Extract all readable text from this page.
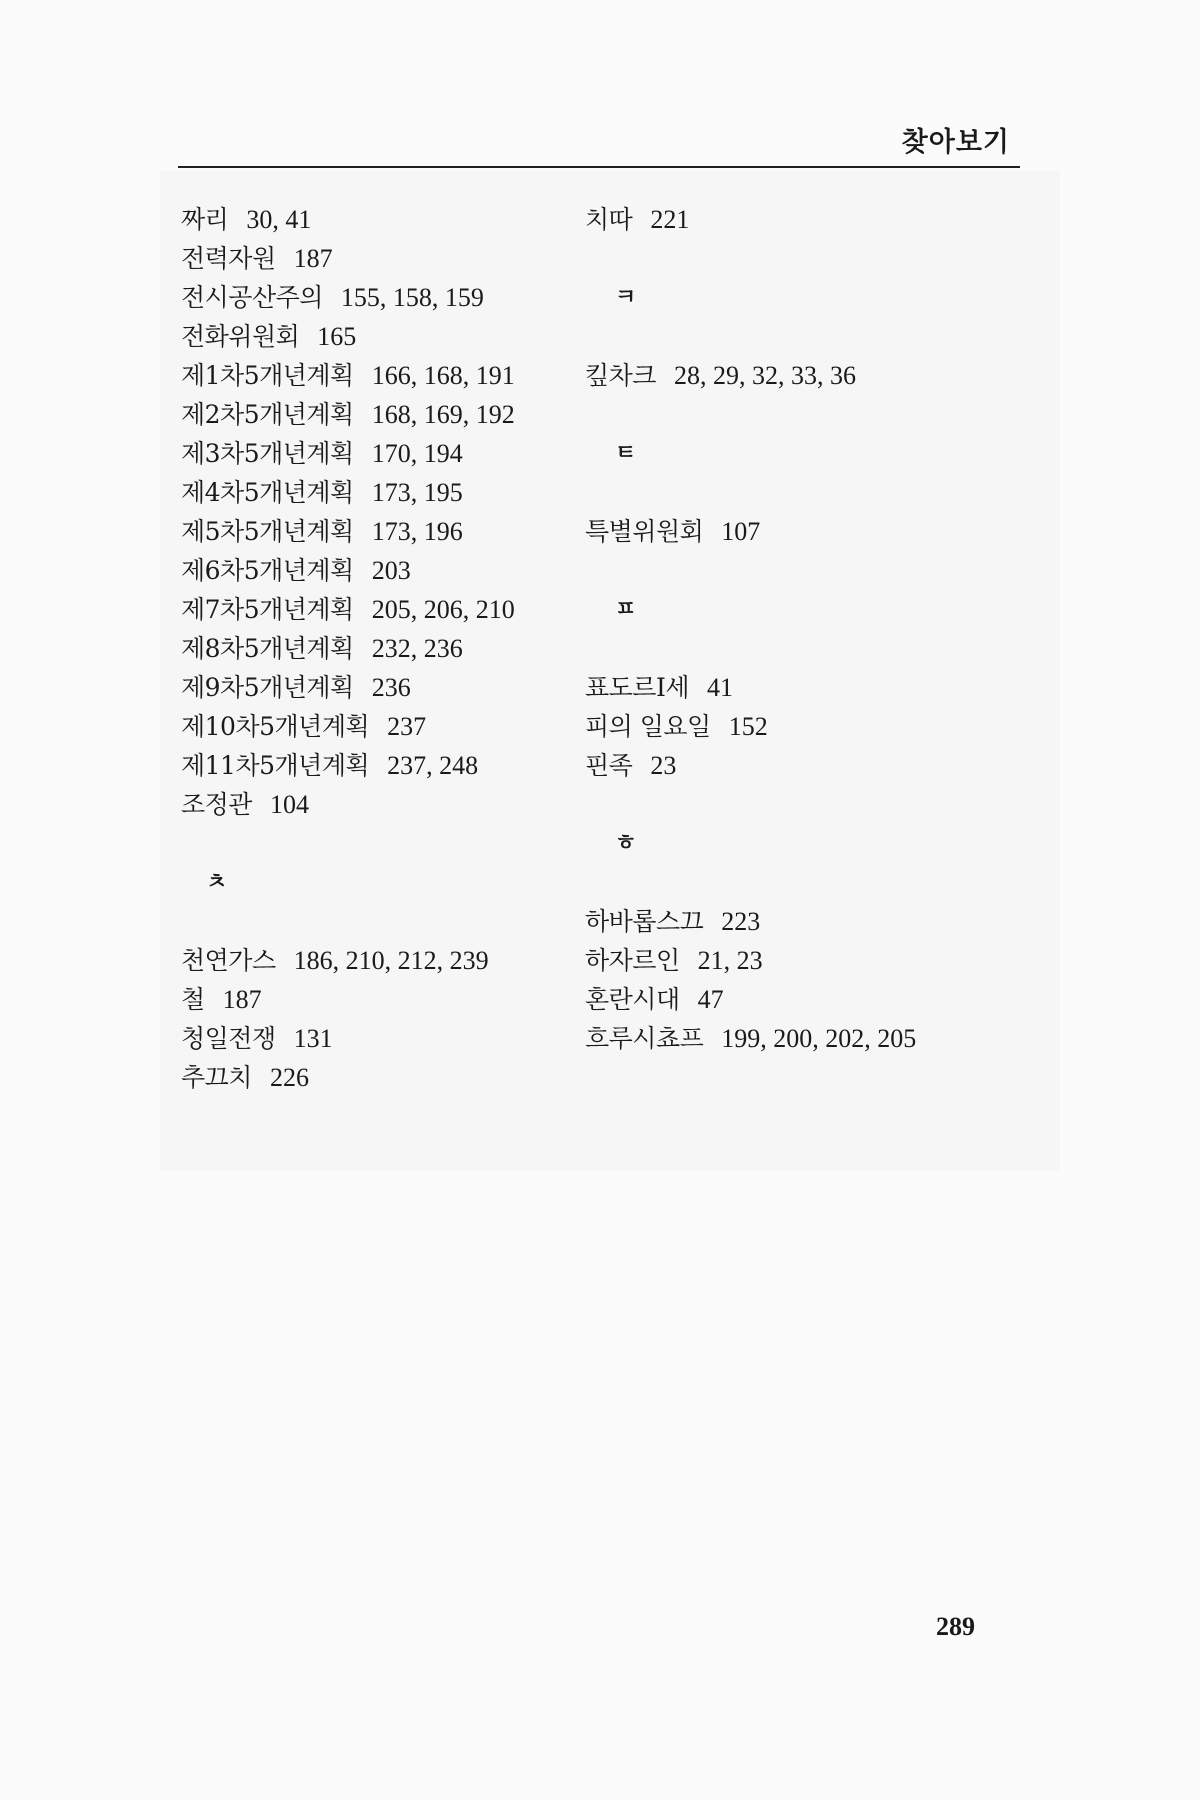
찾아보기
짜리 30, 41
전력자원 187
전시공산주의 155, 158, 159
전화위원회 165
제1차5개년계획 166, 168, 191
제2차5개년계획 168, 169, 192
제3차5개년계획 170, 194
제4차5개년계획 173, 195
제5차5개년계획 173, 196
제6차5개년계획 203
제7차5개년계획 205, 206, 210
제8차5개년계획 232, 236
제9차5개년계획 236
제10차5개년계획 237
제11차5개년계획 237, 248
조정관 104
ㅊ
천연가스 186, 210, 212, 239
철 187
청일전쟁 131
추끄치 226
치따 221
ㅋ
킾차크 28, 29, 32, 33, 36
ㅌ
특별위원회 107
ㅍ
표도르Ⅰ세 41
피의 일요일 152
핀족 23
ㅎ
하바롭스끄 223
하자르인 21, 23
혼란시대 47
흐루시쵸프 199, 200, 202, 205
289
